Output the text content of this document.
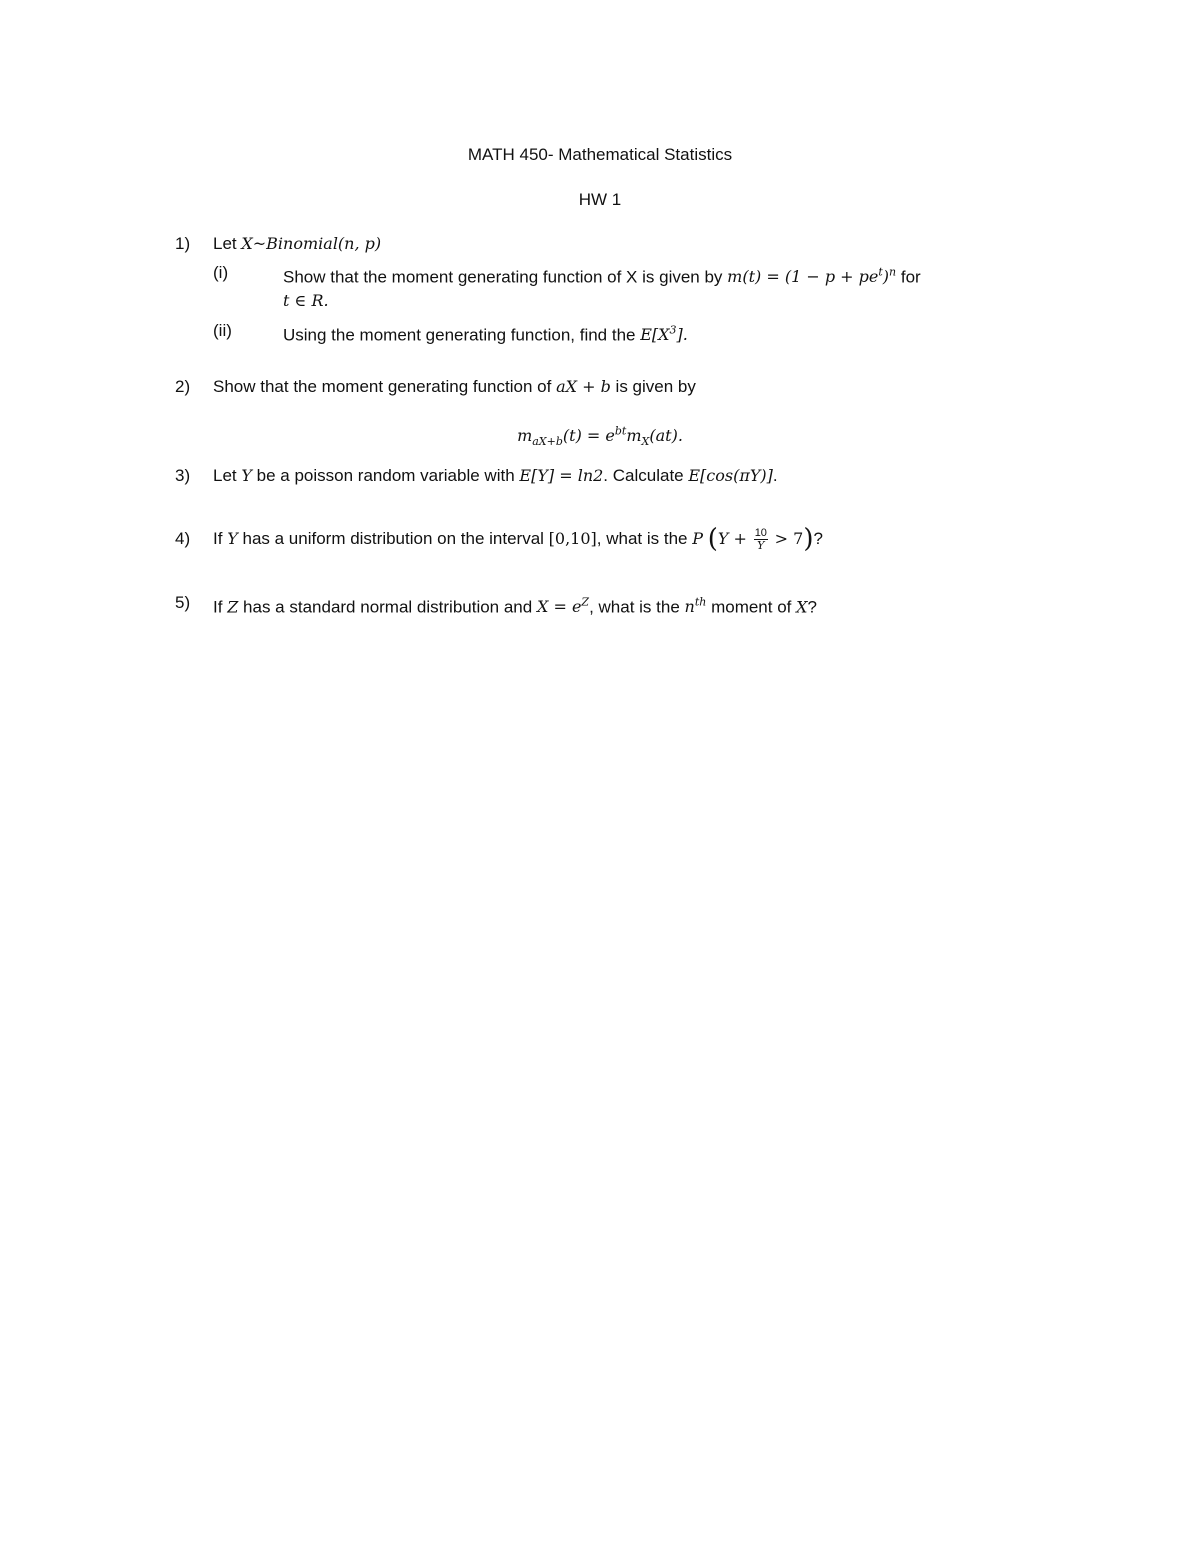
MATH 450- Mathematical Statistics
HW 1
1) Let X~Binomial(n, p)
(i)	Show that the moment generating function of X is given by $m(t) = (1 - p + pe^t)^n$ for
t ∈ R.
(ii)	Using the moment generating function, find the $E[X^3]$.
2) Show that the moment generating function of aX + b is given by
$m_{aX+b}(t) = e^{bt}m_X(at)$.
3) Let Y be a poisson random variable with E[Y] = ln2. Calculate E[cos(πY)].
4) If Y has a uniform distribution on the interval [0,10], what is the P $(Y + \frac{10}{Y} > 7)$?
5) If Z has a standard normal distribution and $X = e^Z$, what is the $n^{th}$ moment of X?
